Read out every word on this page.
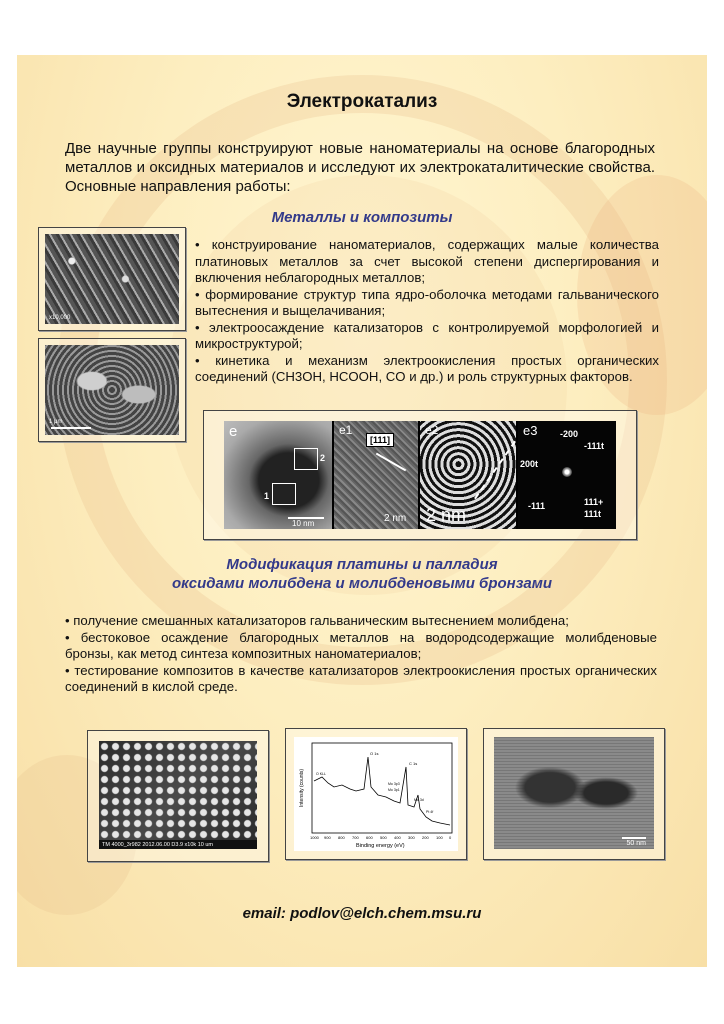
Электрокатализ
Две научные группы конструируют новые наноматериалы на основе благородных металлов и оксидных материалов и исследуют их электрокаталитические свойства. Основные направления работы:
Металлы и композиты
x10,000
1 μm

• конструирование наноматериалов, содержащих малые количества платиновых металлов за счет высокой степени диспергирования и включения неблагородных металлов;

• формирование структур типа ядро-оболочка методами гальванического вытеснения и выщелачивания;

• электроосаждение катализаторов с контролируемой морфологией и микроструктурой;

• кинетика и механизм электроокисления простых органических соединений (CH3OH, HCOOH, CO и др.) и роль структурных факторов.

e
1
2
10 nm
e1
[111]
2 nm
e2
2 nm
e3	-200
-111t
200t
-111	111+
111t
Модификация платины и палладия
оксидами молибдена и молибденовыми бронзами

• получение смешанных катализаторов гальваническим вытеснением молибдена;

• бестоковое осаждение благородных металлов на водородсодержащие молибденовые бронзы, как метод синтеза композитных наноматериалов;

• тестирование композитов в качестве катализаторов электроокисления простых органических соединений в кислой среде.

TM 4000_3r982 2012.06.00 D3.9 x10k 10 um
Intensity (counts)
Binding energy (eV)
1000 900 800 700 600 500 400 300 200 100 0
O 1s
C 1s
Mo 3p3
Mo 3p1
Mo 3d
Pt 4f
O KLL
50 nm
email: podlov@elch.chem.msu.ru
